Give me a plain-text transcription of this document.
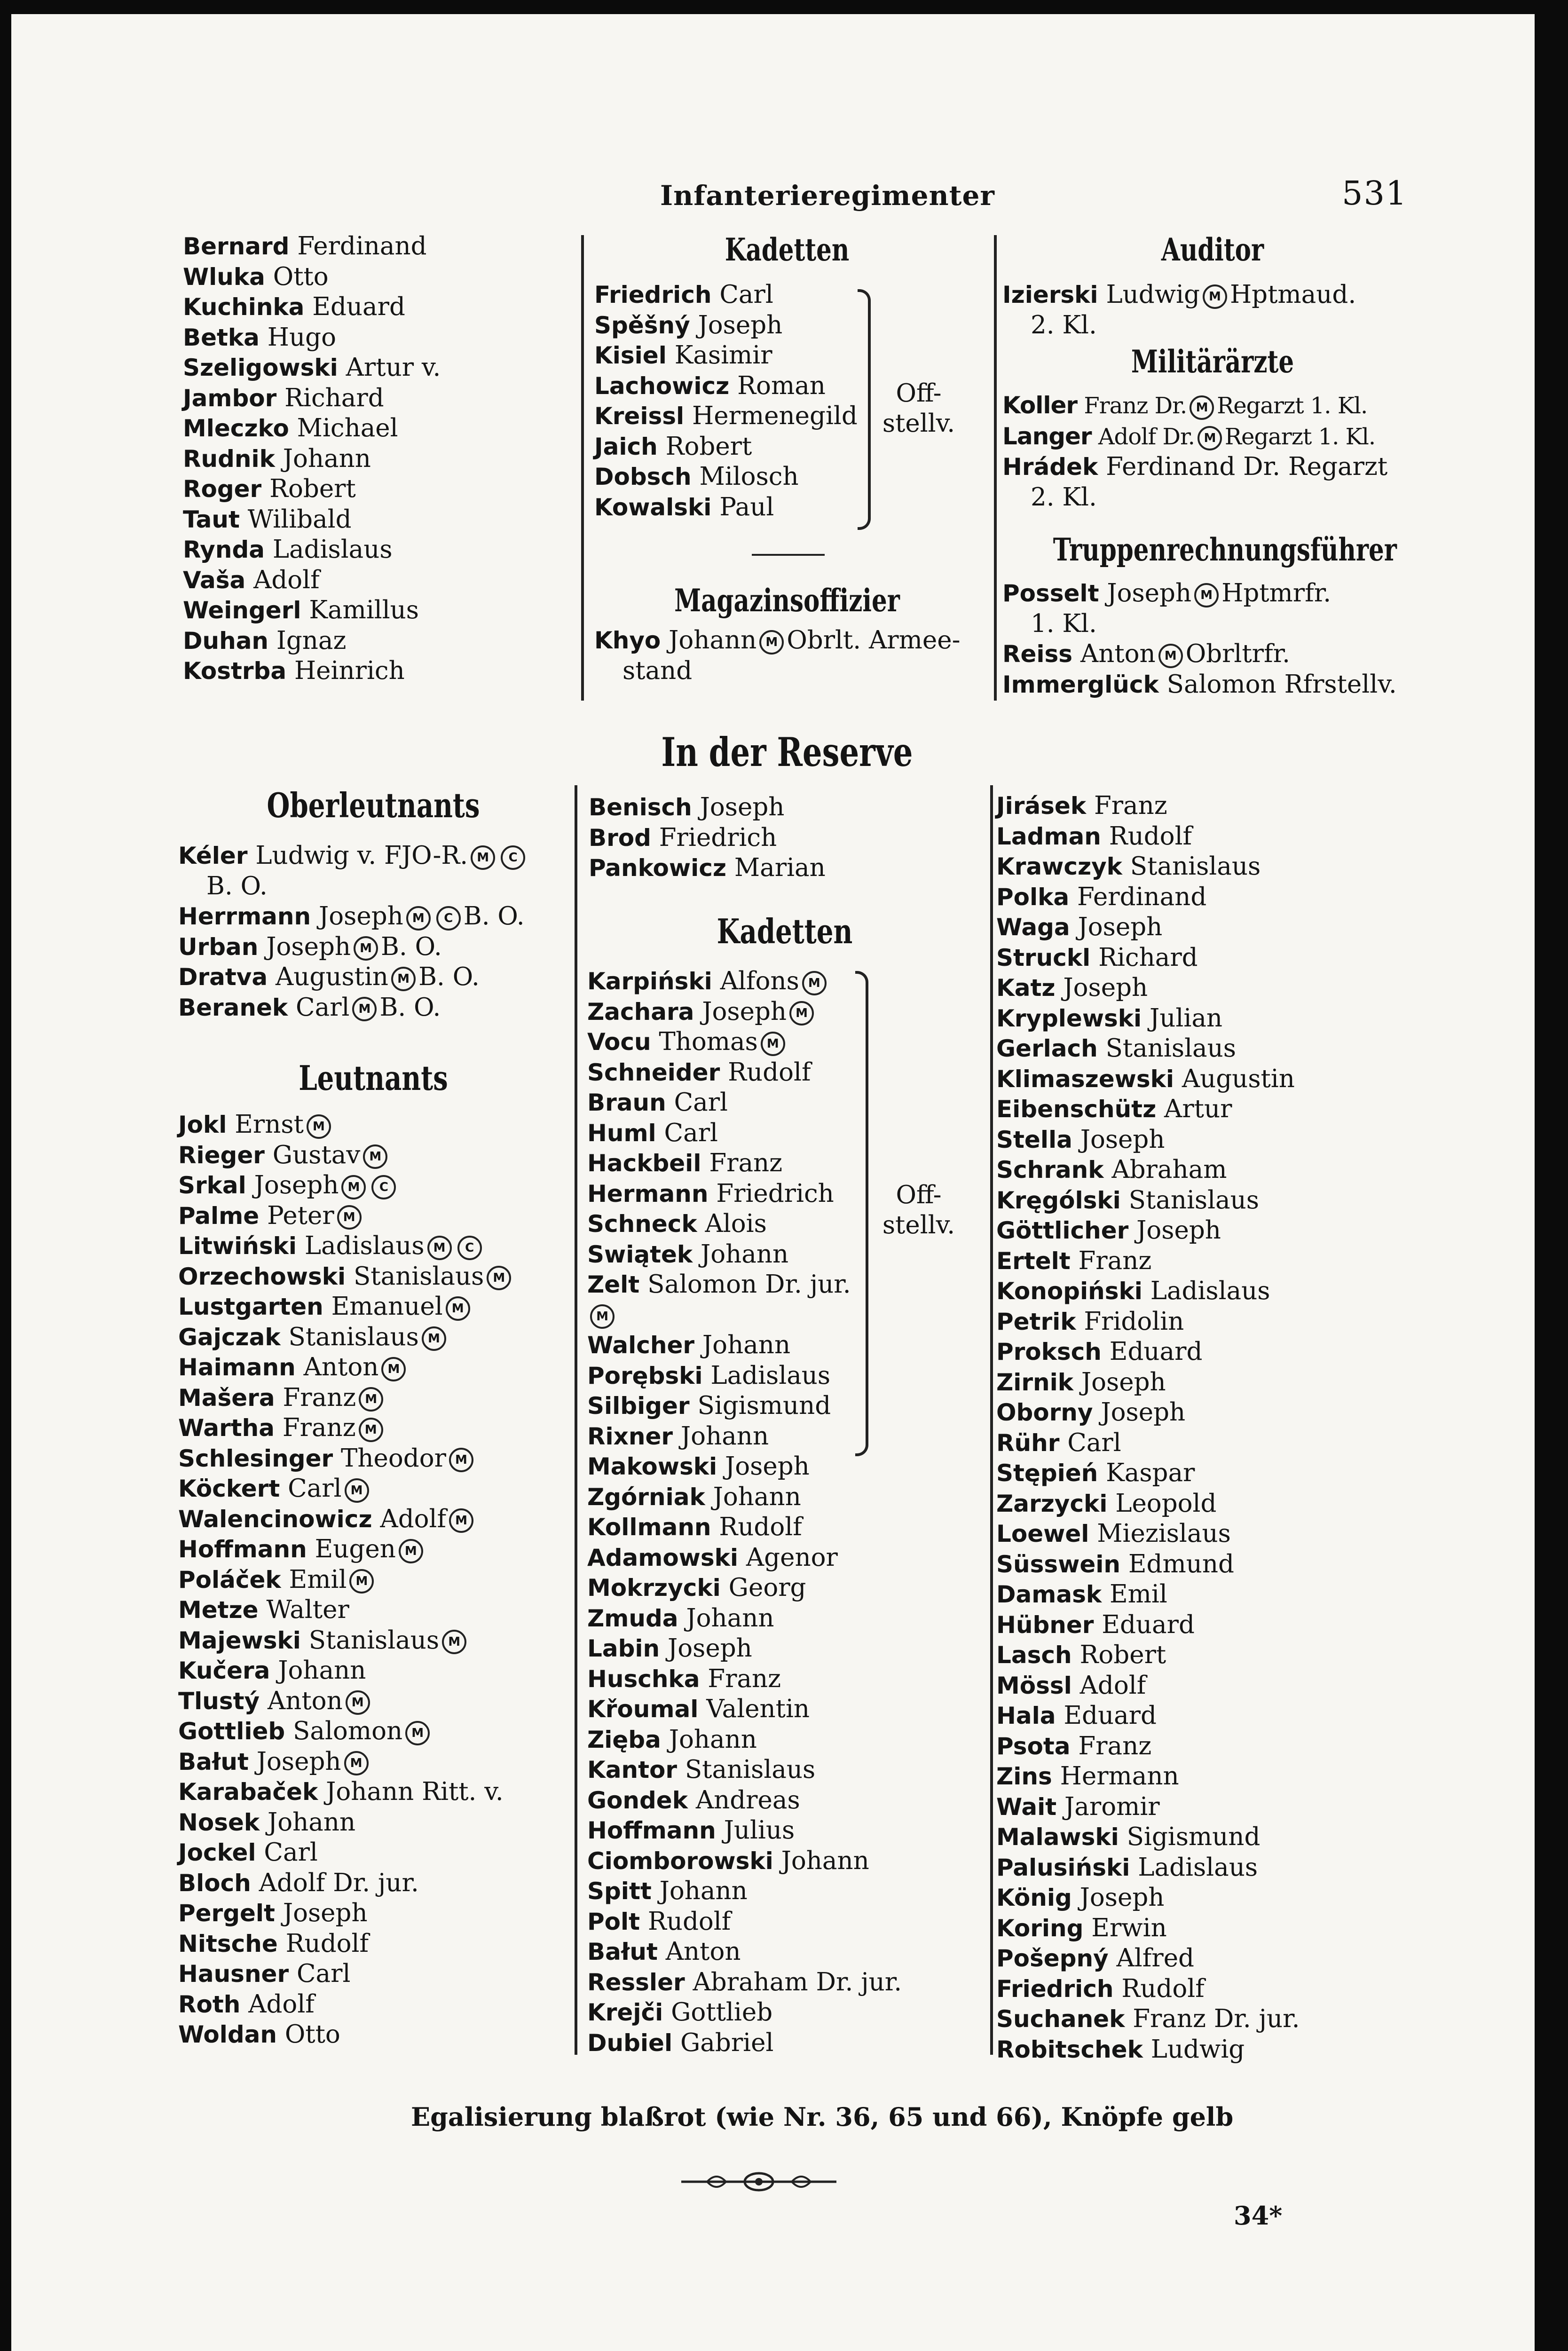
Infanterieregimenter	531
Bernard Ferdinand
Wluka Otto
Kuchinka Eduard
Betka Hugo
Szeligowski Artur v.
Jambor Richard
Mleczko Michael
Rudnik Johann
Roger Robert
Taut Wilibald
Rynda Ladislaus
Vaša Adolf
Weingerl Kamillus
Duhan Ignaz
Kostrba Heinrich
Kadetten
Friedrich Carl
Spěšný Joseph
Kisiel Kasimir
Lachowicz Roman
Kreissl Hermenegild
Jaich Robert
Dobsch Milosch
Kowalski Paul
Off-
stellv.
Magazinsoffizier
Khyo Johann M Obrlt. Armee-
stand
Auditor
Izierski Ludwig M Hptmaud.
2. Kl.
Militärärzte
Koller Franz Dr. M Regarzt 1. Kl.
Langer Adolf Dr. M Regarzt 1. Kl.
Hrádek Ferdinand Dr. Regarzt
2. Kl.
Truppenrechnungsführer
Posselt Joseph M Hptmrfr.
1. Kl.
Reiss Anton M Obrltrfr.
Immerglück Salomon Rfrstellv.
In der Reserve
Oberleutnants
Kéler Ludwig v. FJO-R. M C
B. O.
Herrmann Joseph M C B. O.
Urban Joseph M B. O.
Dratva Augustin M B. O.
Beranek Carl M B. O.
Leutnants
Jokl Ernst M
Rieger Gustav M
Srkal Joseph M C
Palme Peter M
Litwiński Ladislaus M C
Orzechowski Stanislaus M
Lustgarten Emanuel M
Gajczak Stanislaus M
Haimann Anton M
Mašera Franz M
Wartha Franz M
Schlesinger Theodor M
Köckert Carl M
Walencinowicz Adolf M
Hoffmann Eugen M
Poláček Emil M
Metze Walter
Majewski Stanislaus M
Kučera Johann
Tlustý Anton M
Gottlieb Salomon M
Bałut Joseph M
Karabaček Johann Ritt. v.
Nosek Johann
Jockel Carl
Bloch Adolf Dr. jur.
Pergelt Joseph
Nitsche Rudolf
Hausner Carl
Roth Adolf
Woldan Otto
Benisch Joseph
Brod Friedrich
Pankowicz Marian
Kadetten
Karpiński Alfons M
Zachara Joseph M
Vocu Thomas M
Schneider Rudolf
Braun Carl
Huml Carl
Hackbeil Franz
Hermann Friedrich
Schneck Alois
Swiątek Johann
Zelt Salomon Dr. jur.
M
Walcher Johann
Porębski Ladislaus
Silbiger Sigismund
Rixner Johann
Off-
stellv.
Makowski Joseph
Zgórniak Johann
Kollmann Rudolf
Adamowski Agenor
Mokrzycki Georg
Zmuda Johann
Labin Joseph
Huschka Franz
Křoumal Valentin
Zięba Johann
Kantor Stanislaus
Gondek Andreas
Hoffmann Julius
Ciomborowski Johann
Spitt Johann
Polt Rudolf
Bałut Anton
Ressler Abraham Dr. jur.
Krejči Gottlieb
Dubiel Gabriel
Jirásek Franz
Ladman Rudolf
Krawczyk Stanislaus
Polka Ferdinand
Waga Joseph
Struckl Richard
Katz Joseph
Kryplewski Julian
Gerlach Stanislaus
Klimaszewski Augustin
Eibenschütz Artur
Stella Joseph
Schrank Abraham
Kręgólski Stanislaus
Göttlicher Joseph
Ertelt Franz
Konopiński Ladislaus
Petrik Fridolin
Proksch Eduard
Zirnik Joseph
Oborny Joseph
Rühr Carl
Stępień Kaspar
Zarzycki Leopold
Loewel Miezislaus
Süsswein Edmund
Damask Emil
Hübner Eduard
Lasch Robert
Mössl Adolf
Hala Eduard
Psota Franz
Zins Hermann
Wait Jaromir
Malawski Sigismund
Palusiński Ladislaus
König Joseph
Koring Erwin
Pošepný Alfred
Friedrich Rudolf
Suchanek Franz Dr. jur.
Robitschek Ludwig
Egalisierung blaßrot (wie Nr. 36, 65 und 66), Knöpfe gelb
34*
